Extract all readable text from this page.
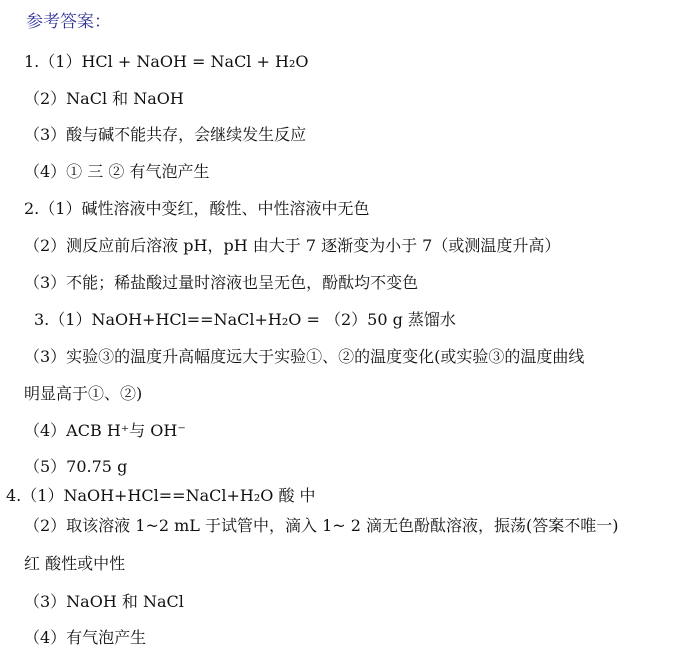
参考答案：
1.（1）HCl + NaOH = NaCl + H₂O
（2）NaCl 和 NaOH
（3）酸与碱不能共存，会继续发生反应
（4）① 三 ② 有气泡产生
2.（1）碱性溶液中变红，酸性、中性溶液中无色
（2）测反应前后溶液 pH，pH 由大于 7 逐渐变为小于 7（或测温度升高）
（3）不能；稀盐酸过量时溶液也呈无色，酚酞均不变色
3.（1）NaOH+HCl==NaCl+H₂O = （2）50 g 蒸馏水
（3）实验③的温度升高幅度远大于实验①、②的温度变化(或实验③的温度曲线
明显高于①、②)
（4）ACB H⁺与 OH⁻
（5）70.75 g
4.（1）NaOH+HCl==NaCl+H₂O 酸 中
（2）取该溶液 1~2 mL 于试管中，滴入 1~ 2 滴无色酚酞溶液，振荡(答案不唯一)
红 酸性或中性
（3）NaOH 和 NaCl
（4）有气泡产生
